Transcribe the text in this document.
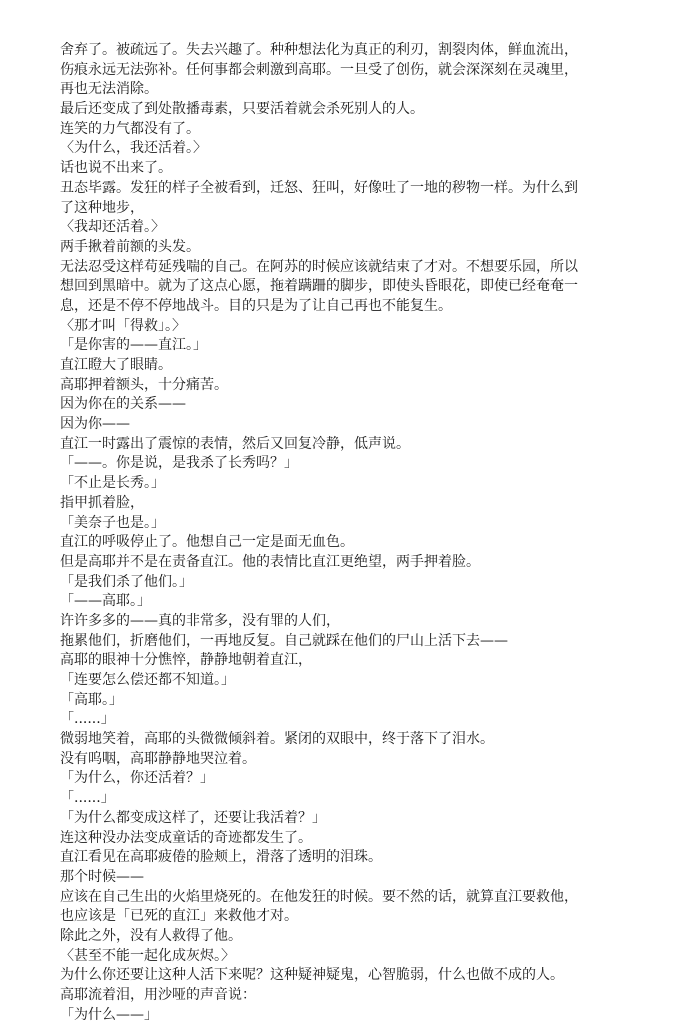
舍弃了。被疏远了。失去兴趣了。种种想法化为真正的利刃，割裂肉体，鲜血流出，
伤痕永远无法弥补。任何事都会刺激到高耶。一旦受了创伤，就会深深刻在灵魂里，
再也无法消除。
最后还变成了到处散播毒素，只要活着就会杀死别人的人。
连笑的力气都没有了。
〈为什么，我还活着。〉
话也说不出来了。
丑态毕露。发狂的样子全被看到，迁怒、狂叫，好像吐了一地的秽物一样。为什么到
了这种地步，
〈我却还活着。〉
两手揪着前额的头发。
无法忍受这样苟延残喘的自己。在阿苏的时候应该就结束了才对。不想要乐园，所以
想回到黑暗中。就为了这点心愿，拖着蹒跚的脚步，即使头昏眼花，即使已经奄奄一
息，还是不停不停地战斗。目的只是为了让自己再也不能复生。
〈那才叫「得救」。〉
「是你害的——直江。」
直江瞪大了眼睛。
高耶押着额头，十分痛苦。
因为你在的关系——
因为你——
直江一时露出了震惊的表情，然后又回复冷静，低声说。
「——。你是说，是我杀了长秀吗？」
「不止是长秀。」
指甲抓着脸，
「美奈子也是。」
直江的呼吸停止了。他想自己一定是面无血色。
但是高耶并不是在责备直江。他的表情比直江更绝望，两手押着脸。
「是我们杀了他们。」
「——高耶。」
许许多多的——真的非常多，没有罪的人们，
拖累他们，折磨他们，一再地反复。自己就踩在他们的尸山上活下去——
高耶的眼神十分憔悴，静静地朝着直江，
「连要怎么偿还都不知道。」
「高耶。」
「......」
微弱地笑着，高耶的头微微倾斜着。紧闭的双眼中，终于落下了泪水。
没有呜咽，高耶静静地哭泣着。
「为什么，你还活着？」
「......」
「为什么都变成这样了，还要让我活着？」
连这种没办法变成童话的奇迹都发生了。
直江看见在高耶疲倦的脸颊上，滑落了透明的泪珠。
那个时候——
应该在自己生出的火焰里烧死的。在他发狂的时候。要不然的话，就算直江要救他，
也应该是「已死的直江」来救他才对。
除此之外，没有人救得了他。
〈甚至不能一起化成灰烬。〉
为什么你还要让这种人活下来呢？这种疑神疑鬼，心智脆弱，什么也做不成的人。
高耶流着泪，用沙哑的声音说：
「为什么——」
